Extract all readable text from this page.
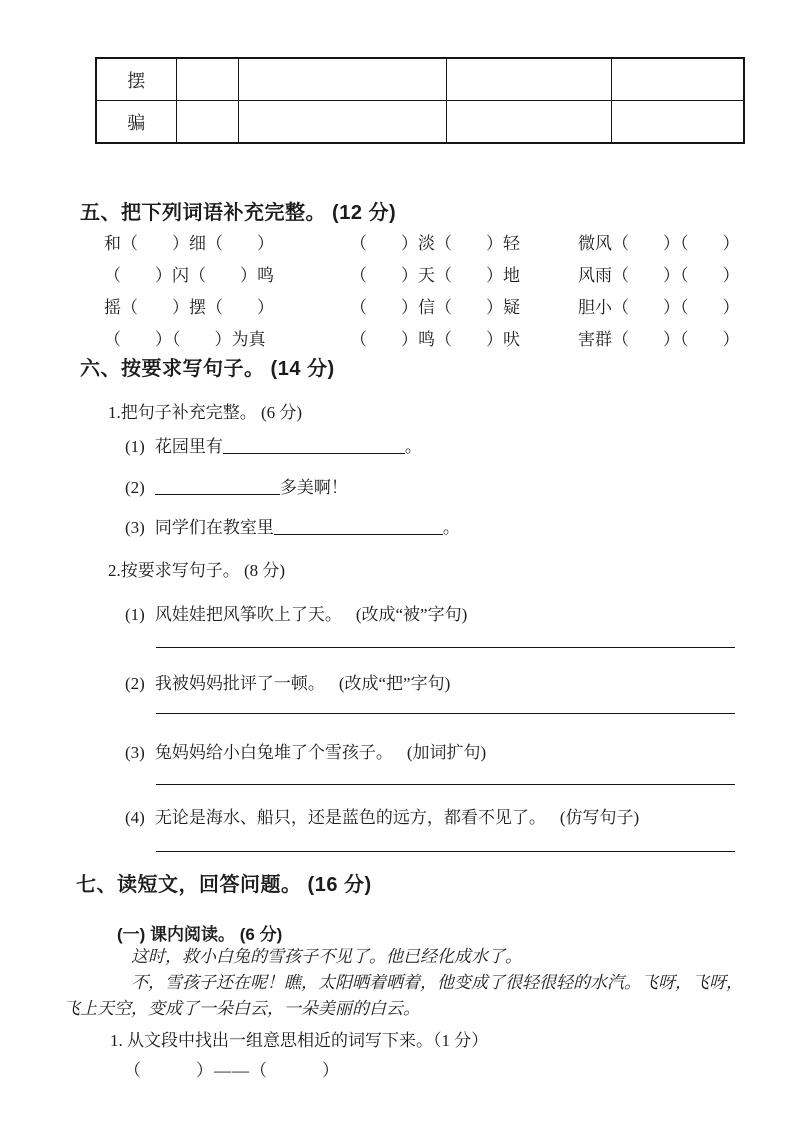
摆				
骗				
五、把下列词语补充完整。 (12 分)
和（　　）细（　　）	（　　）淡（　　）轻	微风（　　）（　　）
（　　）闪（　　）鸣	（　　）天（　　）地	风雨（　　）（　　）
摇（　　）摆（　　）	（　　）信（　　）疑	胆小（　　）（　　）
（　　）（　　）为真	（　　）鸣（　　）吠	害群（　　）（　　）
六、按要求写句子。 (14 分)
1.把句子补充完整。 (6 分)
(1) 花园里有	。
(2)	多美啊！
(3) 同学们在教室里	。
2.按要求写句子。 (8 分)
(1) 风娃娃把风筝吹上了天。 (改成“被”字句)
(2) 我被妈妈批评了一顿。 (改成“把”字句)
(3) 兔妈妈给小白兔堆了个雪孩子。 (加词扩句)
(4) 无论是海水、船只，还是蓝色的远方，都看不见了。 (仿写句子)
七、读短文，回答问题。 (16 分)
(一) 课内阅读。 (6 分)

这时，救小白兔的雪孩子不见了。他已经化成水了。

不，雪孩子还在呢！瞧，太阳晒着晒着，他变成了很轻很轻的水汽。飞呀，飞呀，飞上天空，变成了一朵白云，一朵美丽的白云。

1. 从文段中找出一组意思相近的词写下来。（1 分）
（　　　）——（　　　）
